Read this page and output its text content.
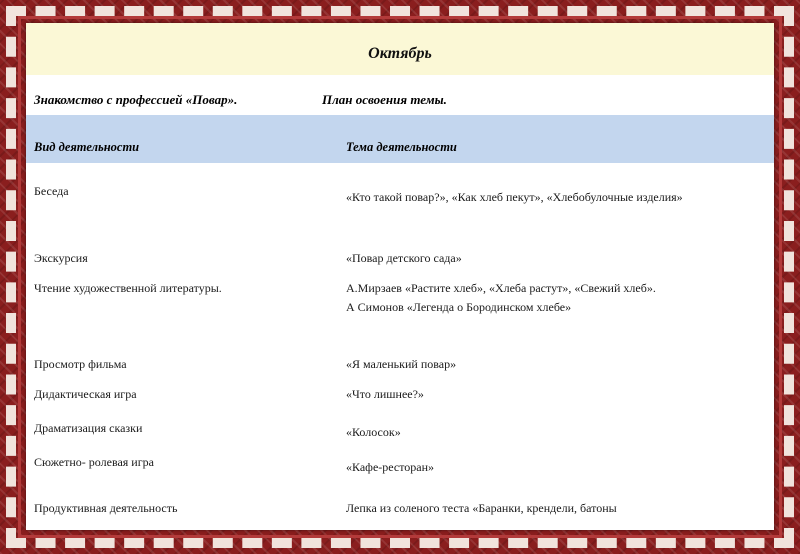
Октябрь
Знакомство с профессией «Повар».	План освоения темы.
Вид деятельности	Тема деятельности
Беседа	«Кто такой повар?», «Как хлеб пекут», «Хлебобулочные изделия»
Экскурсия	«Повар детского сада»
Чтение художественной литературы.	А.Мирзаев «Растите хлеб», «Хлеба растут», «Свежий хлеб».
А Симонов «Легенда о Бородинском хлебе»
Просмотр фильма	«Я маленький повар»
Дидактическая игра	«Что лишнее?»
Драматизация сказки	«Колосок»
Сюжетно- ролевая игра	«Кафе-ресторан»
Продуктивная деятельность	Лепка из соленого теста «Баранки, крендели, батоны
